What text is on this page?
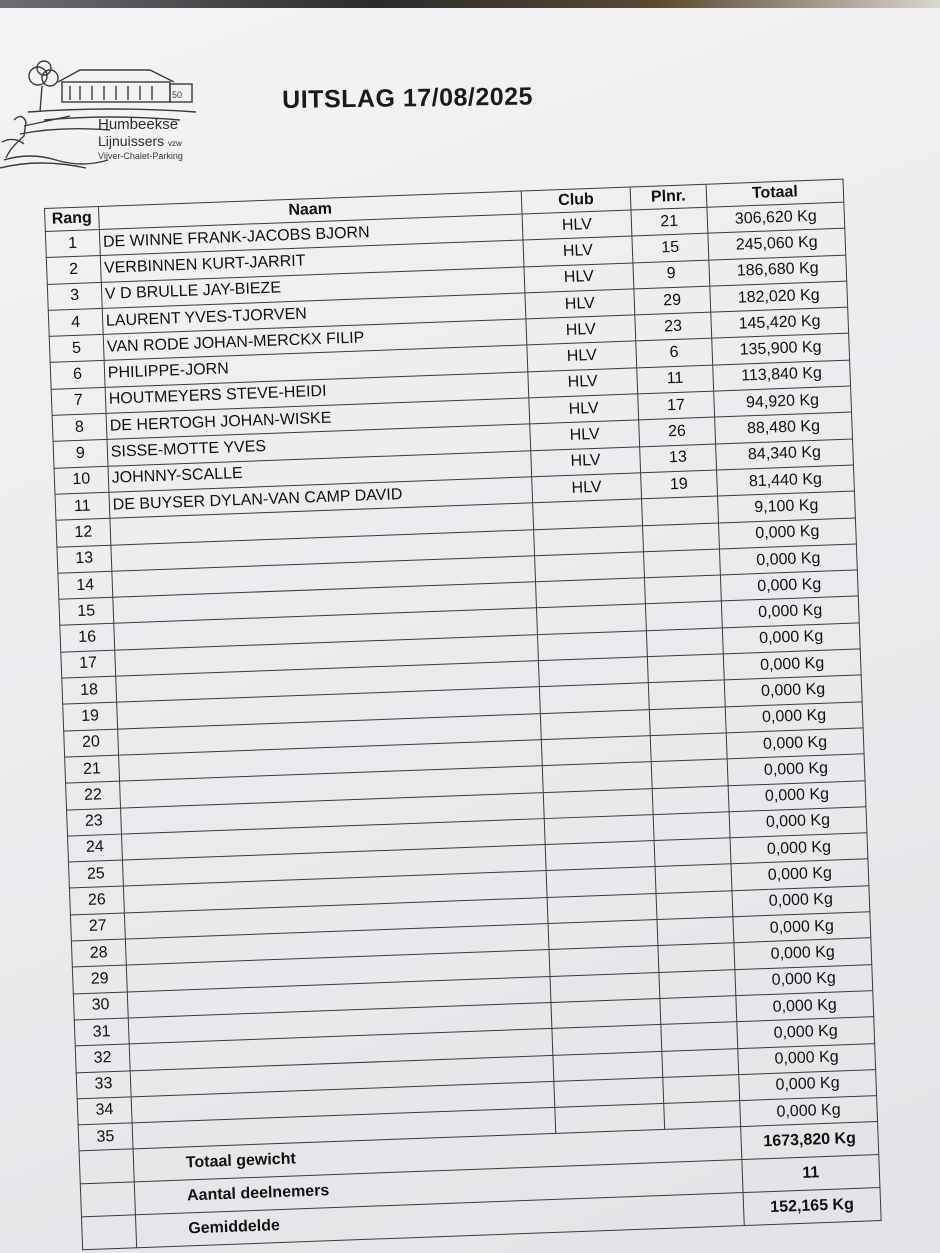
50
Humbeekse
Lijnuissers vzw
Vijver-Chalet-Parking
UITSLAG 17/08/2025
Rang	Naam	Club	Plnr.	Totaal
1	DE WINNE FRANK-JACOBS BJORN	HLV	21	306,620 Kg
2	VERBINNEN KURT-JARRIT	HLV	15	245,060 Kg
3	V D BRULLE JAY-BIEZE	HLV	9	186,680 Kg
4	LAURENT YVES-TJORVEN	HLV	29	182,020 Kg
5	VAN RODE JOHAN-MERCKX FILIP	HLV	23	145,420 Kg
6	PHILIPPE-JORN	HLV	6	135,900 Kg
7	HOUTMEYERS STEVE-HEIDI	HLV	11	113,840 Kg
8	DE HERTOGH JOHAN-WISKE	HLV	17	94,920 Kg
9	SISSE-MOTTE YVES	HLV	26	88,480 Kg
10	JOHNNY-SCALLE	HLV	13	84,340 Kg
11	DE BUYSER DYLAN-VAN CAMP DAVID	HLV	19	81,440 Kg
12				9,100 Kg
13				0,000 Kg
14				0,000 Kg
15				0,000 Kg
16				0,000 Kg
17				0,000 Kg
18				0,000 Kg
19				0,000 Kg
20				0,000 Kg
21				0,000 Kg
22				0,000 Kg
23				0,000 Kg
24				0,000 Kg
25				0,000 Kg
26				0,000 Kg
27				0,000 Kg
28				0,000 Kg
29				0,000 Kg
30				0,000 Kg
31				0,000 Kg
32				0,000 Kg
33				0,000 Kg
34				0,000 Kg
35				0,000 Kg
	Totaal gewicht			1673,820 Kg
	Aantal deelnemers			11
	Gemiddelde			152,165 Kg
